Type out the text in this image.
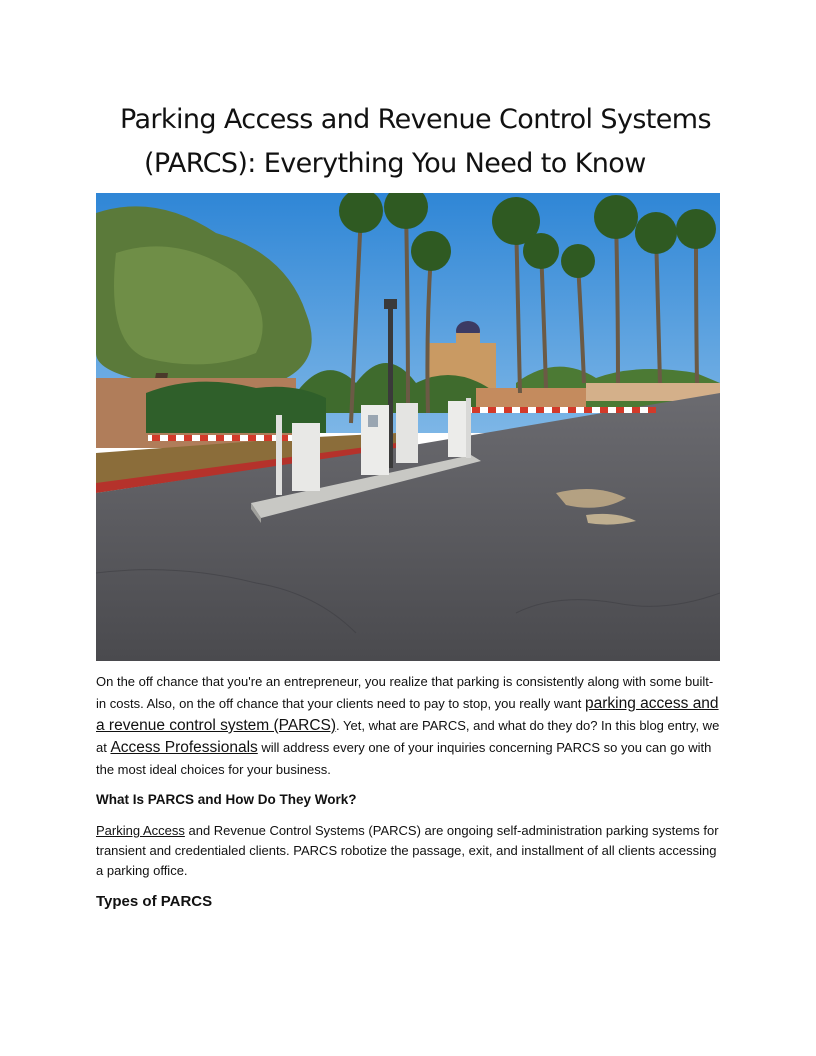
Parking Access and Revenue Control Systems
(PARCS): Everything You Need to Know

On the off chance that you're an entrepreneur, you realize that parking is consistently along with some built-in costs. Also, on the off chance that your clients need to pay to stop, you really want parking access and a revenue control system (PARCS). Yet, what are PARCS, and what do they do? In this blog entry, we at Access Professionals will address every one of your inquiries concerning PARCS so you can go with the most ideal choices for your business.

What Is PARCS and How Do They Work?

Parking Access and Revenue Control Systems (PARCS) are ongoing self-administration parking systems for transient and credentialed clients. PARCS robotize the passage, exit, and installment of all clients accessing a parking office.

Types of PARCS
